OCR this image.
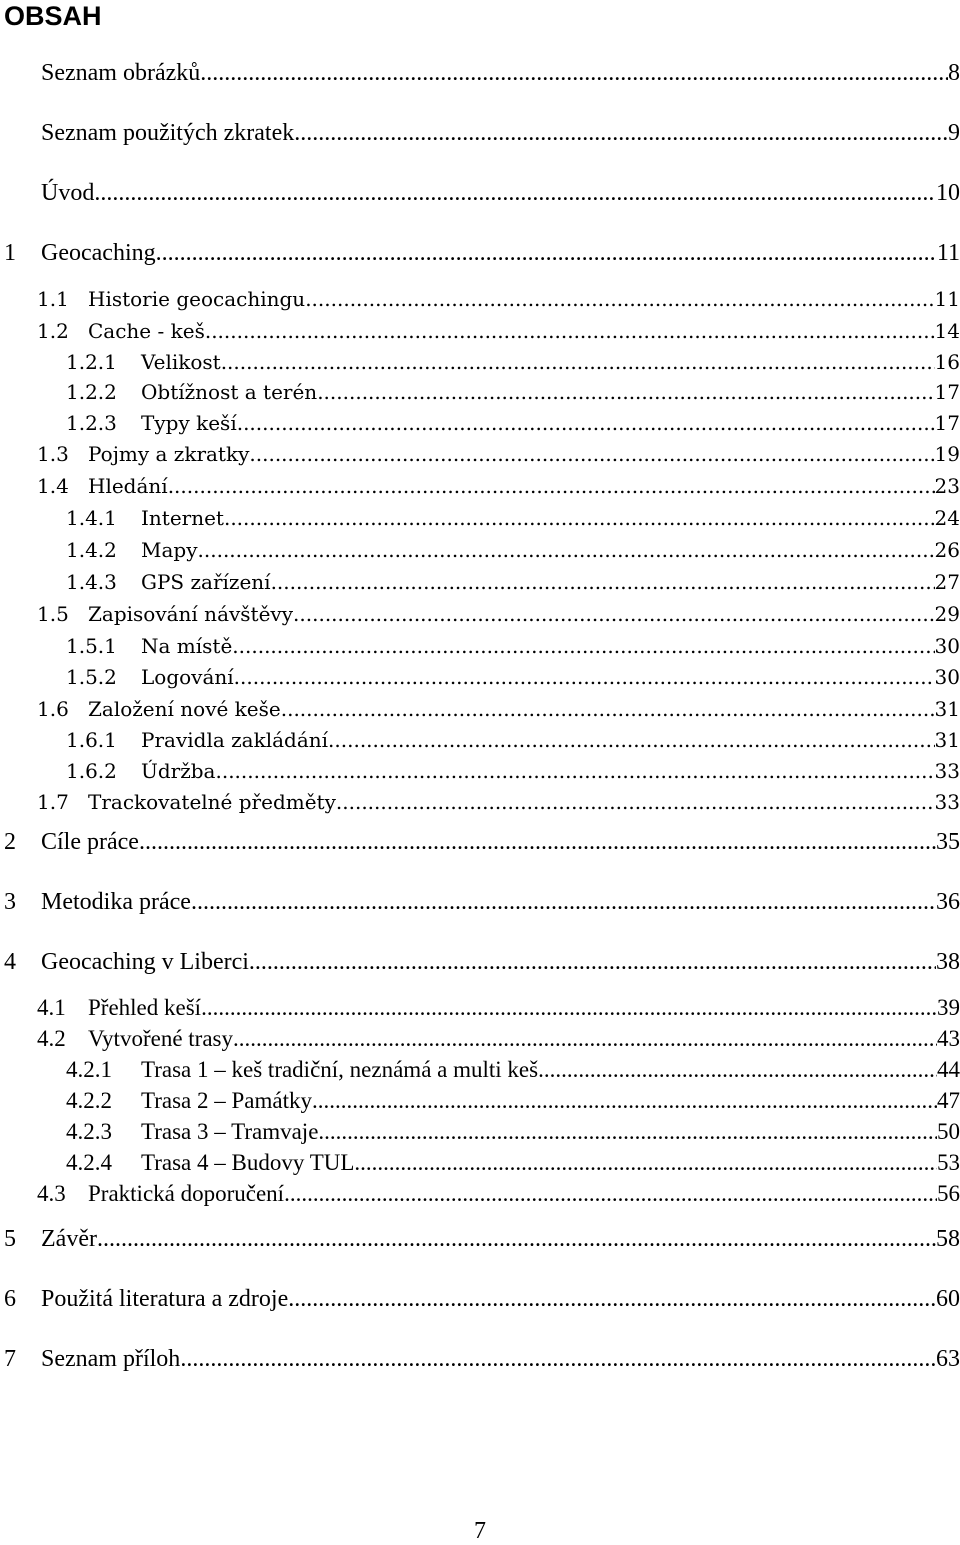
OBSAH
Seznam obrázků .....	8
Seznam použitých zkratek .....	9
Úvod .....	10
1 Geocaching .....	11
1.1 Historie geocachingu .....	11
1.2 Cache - keš .....	14
1.2.1 Velikost .....	16
1.2.2 Obtížnost a terén .....	17
1.2.3 Typy keší .....	17
1.3 Pojmy a zkratky .....	19
1.4 Hledání .....	23
1.4.1 Internet .....	24
1.4.2 Mapy .....	26
1.4.3 GPS zařízení .....	27
1.5 Zapisování návštěvy .....	29
1.5.1 Na místě .....	30
1.5.2 Logování .....	30
1.6 Založení nové keše .....	31
1.6.1 Pravidla zakládání .....	31
1.6.2 Údržba .....	33
1.7 Trackovatelné předměty .....	33
2 Cíle práce .....	35
3 Metodika práce .....	36
4 Geocaching v Liberci .....	38
4.1 Přehled keší .....	39
4.2 Vytvořené trasy .....	43
4.2.1 Trasa 1 – keš tradiční, neznámá a multi keš .....	44
4.2.2 Trasa 2 – Památky .....	47
4.2.3 Trasa 3 – Tramvaje .....	50
4.2.4 Trasa 4 – Budovy TUL .....	53
4.3 Praktická doporučení .....	56
5 Závěr .....	58
6 Použitá literatura a zdroje .....	60
7 Seznam příloh .....	63
7
